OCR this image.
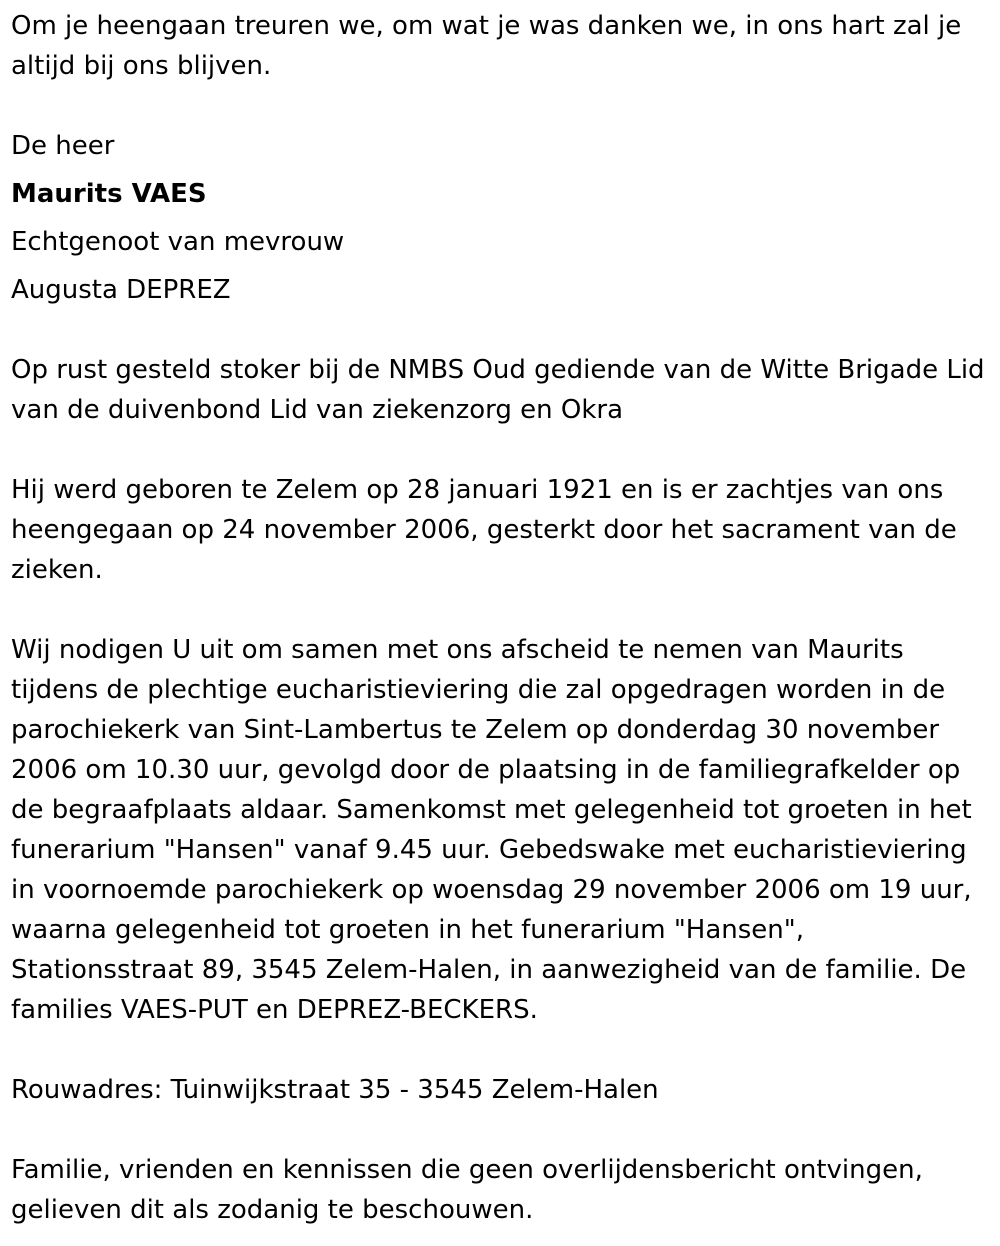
Om je heengaan treuren we, om wat je was danken we, in ons hart zal je altijd bij ons blijven.

De heer

Maurits VAES

Echtgenoot van mevrouw

Augusta DEPREZ

Op rust gesteld stoker bij de NMBS Oud gediende van de Witte Brigade Lid van de duivenbond Lid van ziekenzorg en Okra

Hij werd geboren te Zelem op 28 januari 1921 en is er zachtjes van ons heengegaan op 24 november 2006, gesterkt door het sacrament van de zieken.

Wij nodigen U uit om samen met ons afscheid te nemen van Maurits tijdens de plechtige eucharistieviering die zal opgedragen worden in de parochiekerk van Sint-Lambertus te Zelem op donderdag 30 november 2006 om 10.30 uur, gevolgd door de plaatsing in de familiegrafkelder op de begraafplaats aldaar. Samenkomst met gelegenheid tot groeten in het funerarium "Hansen" vanaf 9.45 uur. Gebedswake met eucharistieviering in voornoemde parochiekerk op woensdag 29 november 2006 om 19 uur, waarna gelegenheid tot groeten in het funerarium "Hansen", Stationsstraat 89, 3545 Zelem-Halen, in aanwezigheid van de familie. De families VAES-PUT en DEPREZ-BECKERS.

Rouwadres: Tuinwijkstraat 35 - 3545 Zelem-Halen

Familie, vrienden en kennissen die geen overlijdensbericht ontvingen, gelieven dit als zodanig te beschouwen.
